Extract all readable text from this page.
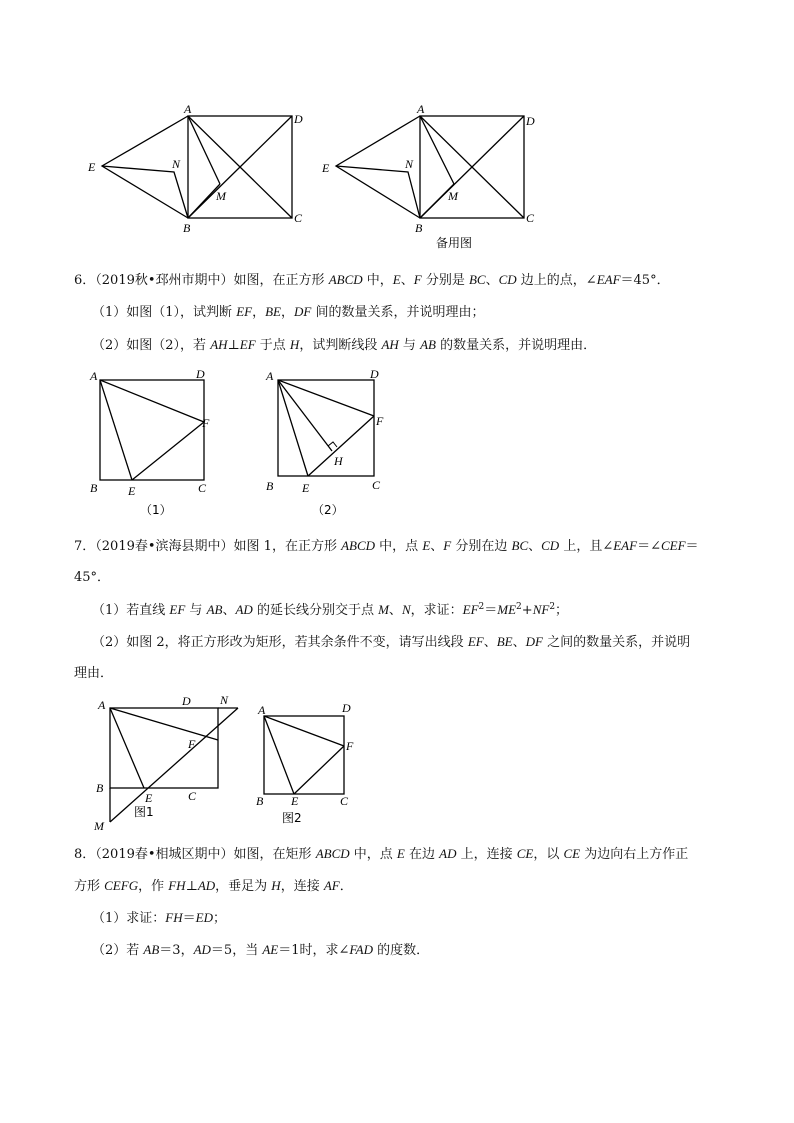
A
D
E	N
M
B
C
A
D
E	N
M
B
C
备用图
6．（2019秋•邳州市期中）如图，在正方形 ABCD 中，E、F 分别是 BC、CD 边上的点，∠EAF＝45°．
（1）如图（1），试判断 EF，BE，DF 间的数量关系，并说明理由；
（2）如图（2），若 AH⊥EF 于点 H，试判断线段 AH 与 AB 的数量关系，并说明理由．
A	D
F
B	E	C
（1）
A	D
F
H
B E	C
（2）
7．（2019春•滨海县期中）如图 1，在正方形 ABCD 中，点 E、F 分别在边 BC、CD 上，且∠EAF＝∠CEF＝
45°．
（1）若直线 EF 与 AB、AD 的延长线分别交于点 M、N，求证：$EF^2=ME^2+NF^2$；
（2）如图 2，将正方形改为矩形，若其余条件不变，请写出线段 EF、BE、DF 之间的数量关系，并说明
理由．
A	D N
F
B
E	C
M
图1
A	D
F
B E	C
图2
8．（2019春•相城区期中）如图，在矩形 ABCD 中，点 E 在边 AD 上，连接 CE，以 CE 为边向右上方作正
方形 CEFG，作 FH⊥AD，垂足为 H，连接 AF．
（1）求证：FH＝ED；
（2）若 AB＝3，AD＝5，当 AE＝1时，求∠FAD 的度数．
